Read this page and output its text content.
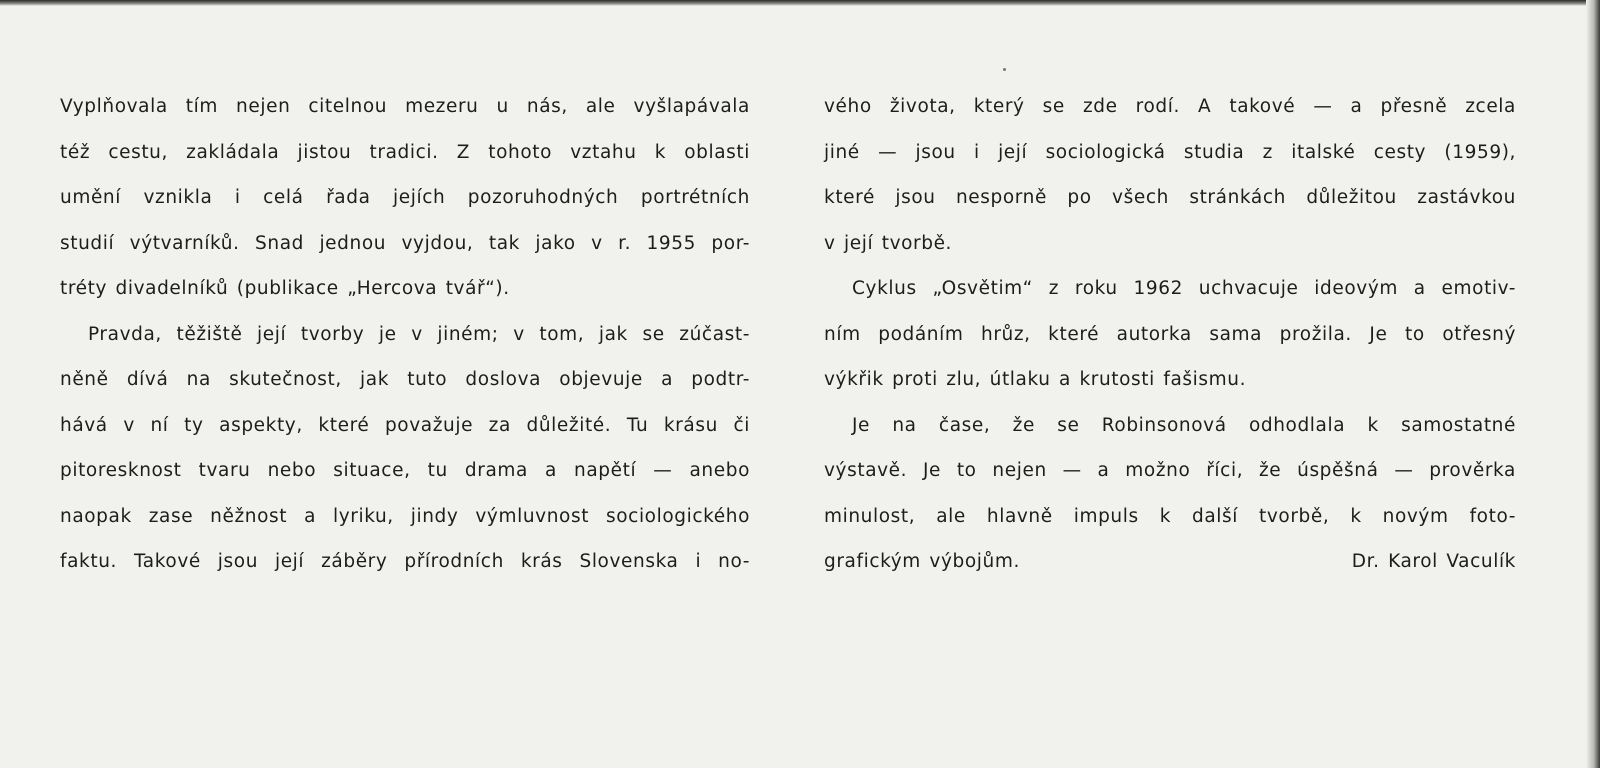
Vyplňovala tím nejen citelnou mezeru u nás, ale vyšlapávala
též cestu, zakládala jistou tradici. Z tohoto vztahu k oblasti
umění vznikla i celá řada jejích pozoruhodných portrétních
studií výtvarníků. Snad jednou vyjdou, tak jako v r. 1955 por-
tréty divadelníků (publikace „Hercova tvář“).
Pravda, těžiště její tvorby je v jiném; v tom, jak se zúčast-
něně dívá na skutečnost, jak tuto doslova objevuje a podtr-
hává v ní ty aspekty, které považuje za důležité. Tu krásu či
pitoresknost tvaru nebo situace, tu drama a napětí — anebo
naopak zase něžnost a lyriku, jindy výmluvnost sociologického
faktu. Takové jsou její záběry přírodních krás Slovenska i no-
vého života, který se zde rodí. A takové — a přesně zcela
jiné — jsou i její sociologická studia z italské cesty (1959),
které jsou nesporně po všech stránkách důležitou zastávkou
v její tvorbě.
Cyklus „Osvětim“ z roku 1962 uchvacuje ideovým a emotiv-
ním podáním hrůz, které autorka sama prožila. Je to otřesný
výkřik proti zlu, útlaku a krutosti fašismu.
Je na čase, že se Robinsonová odhodlala k samostatné
výstavě. Je to nejen — a možno říci, že úspěšná — prověrka
minulost, ale hlavně impuls k další tvorbě, k novým foto-
grafickým výbojům.	Dr. Karol Vaculík
